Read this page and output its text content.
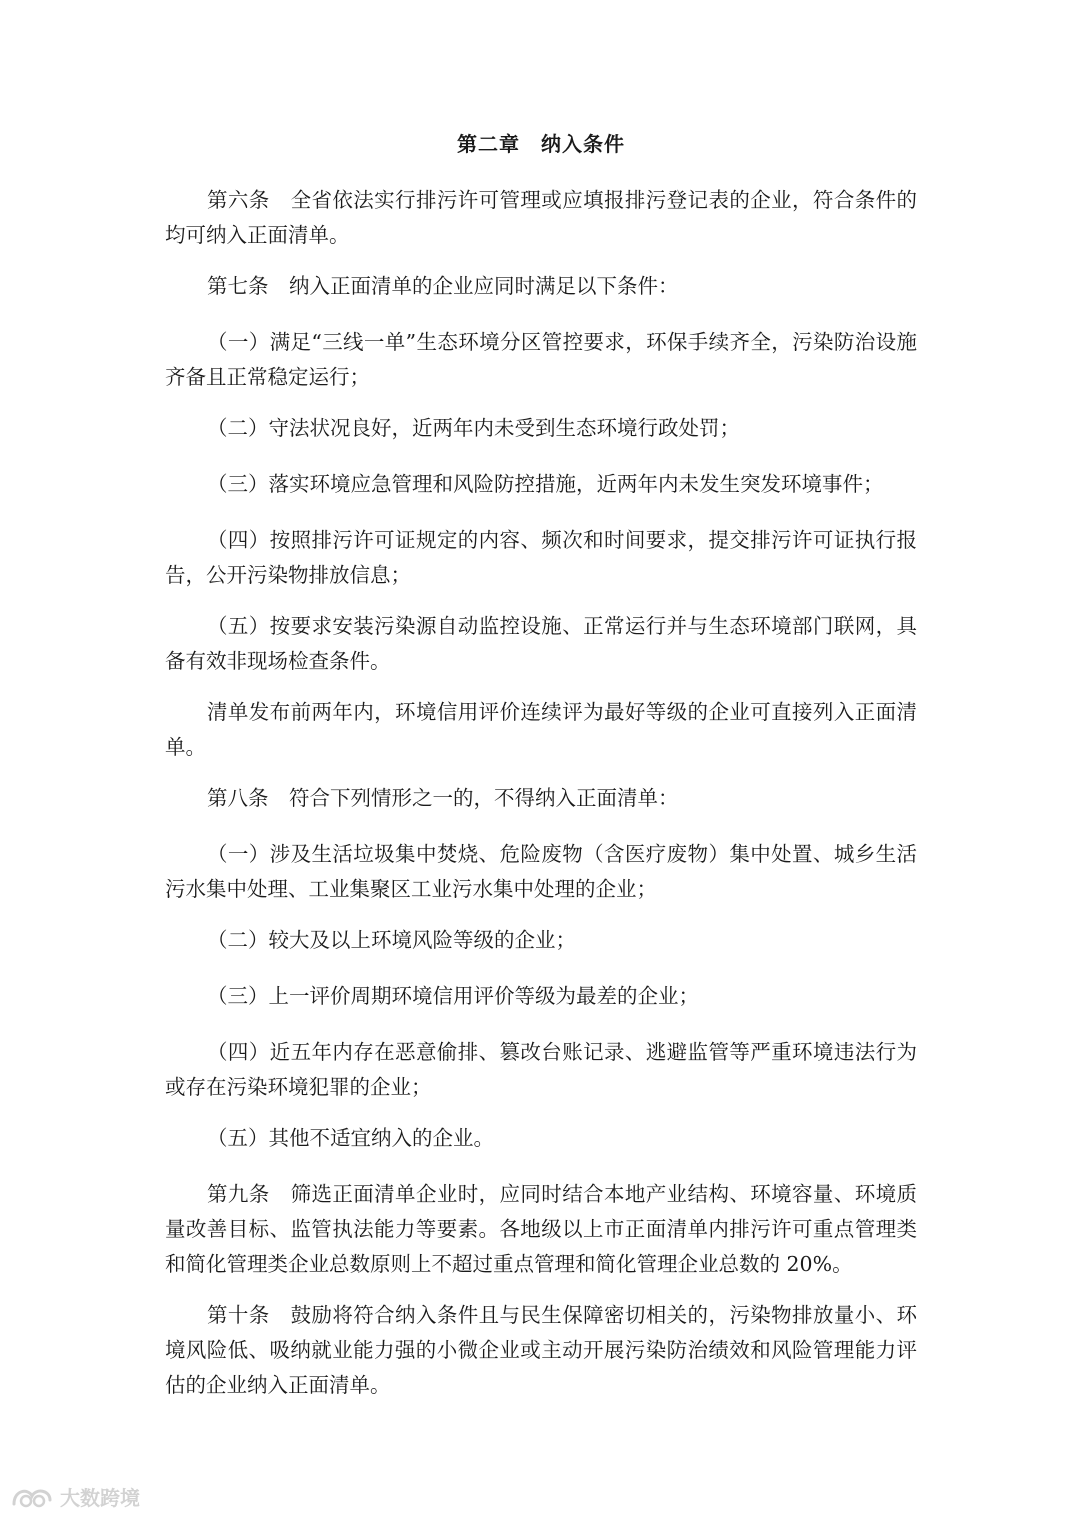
第二章　纳入条件

第六条　全省依法实行排污许可管理或应填报排污登记表的企业，符合条件的均可纳入正面清单。

第七条　纳入正面清单的企业应同时满足以下条件：

（一）满足“三线一单”生态环境分区管控要求，环保手续齐全，污染防治设施齐备且正常稳定运行；

（二）守法状况良好，近两年内未受到生态环境行政处罚；

（三）落实环境应急管理和风险防控措施，近两年内未发生突发环境事件；

（四）按照排污许可证规定的内容、频次和时间要求，提交排污许可证执行报告，公开污染物排放信息；

（五）按要求安装污染源自动监控设施、正常运行并与生态环境部门联网，具备有效非现场检查条件。

清单发布前两年内，环境信用评价连续评为最好等级的企业可直接列入正面清单。

第八条　符合下列情形之一的，不得纳入正面清单：

（一）涉及生活垃圾集中焚烧、危险废物（含医疗废物）集中处置、城乡生活污水集中处理、工业集聚区工业污水集中处理的企业；

（二）较大及以上环境风险等级的企业；

（三）上一评价周期环境信用评价等级为最差的企业；

（四）近五年内存在恶意偷排、篡改台账记录、逃避监管等严重环境违法行为或存在污染环境犯罪的企业；

（五）其他不适宜纳入的企业。

第九条　筛选正面清单企业时，应同时结合本地产业结构、环境容量、环境质量改善目标、监管执法能力等要素。各地级以上市正面清单内排污许可重点管理类和简化管理类企业总数原则上不超过重点管理和简化管理企业总数的 20%。

第十条　鼓励将符合纳入条件且与民生保障密切相关的，污染物排放量小、环境风险低、吸纳就业能力强的小微企业或主动开展污染防治绩效和风险管理能力评估的企业纳入正面清单。

大数跨境
